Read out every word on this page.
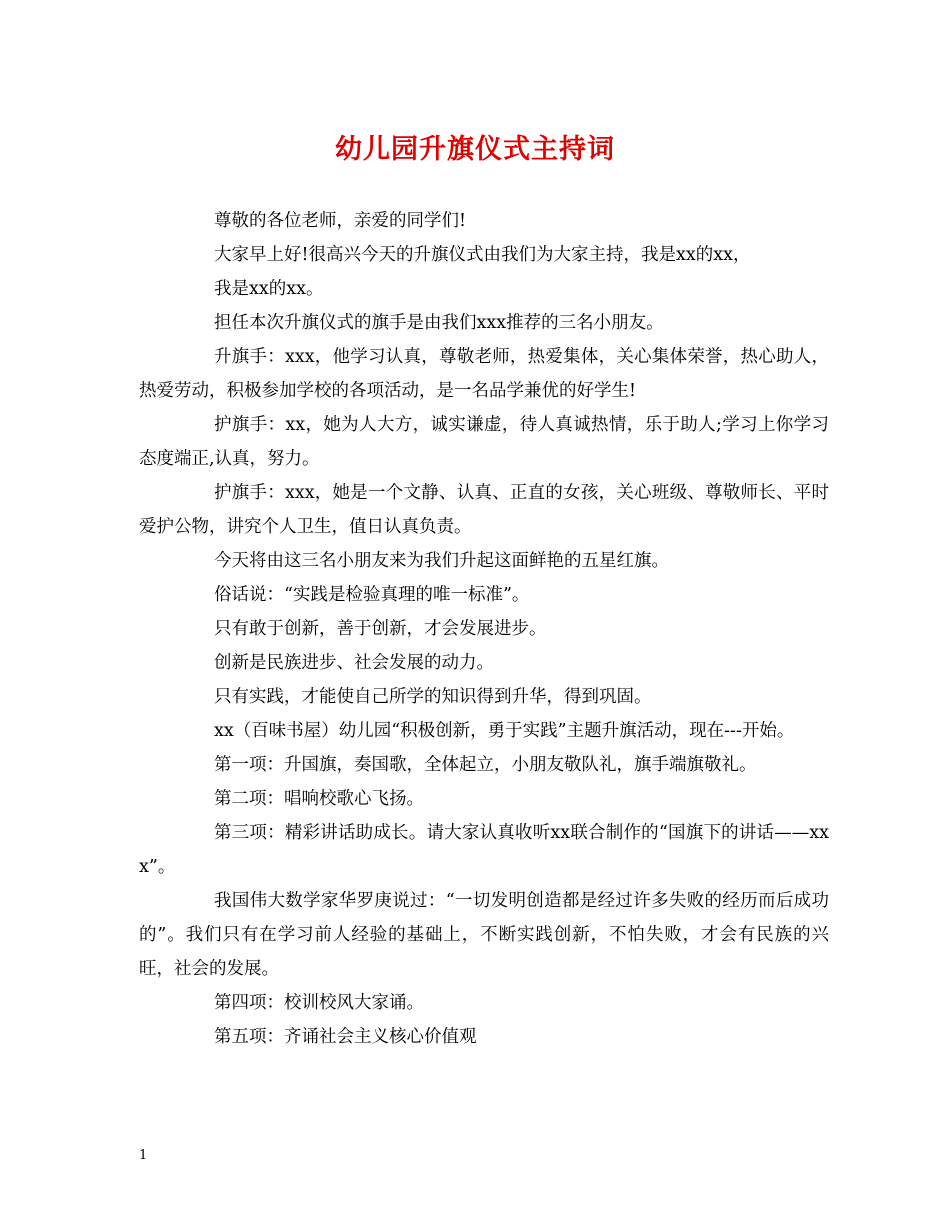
幼儿园升旗仪式主持词

尊敬的各位老师，亲爱的同学们!

大家早上好!很高兴今天的升旗仪式由我们为大家主持，我是xx的xx，

我是xx的xx。

担任本次升旗仪式的旗手是由我们xxx推荐的三名小朋友。

升旗手：xxx，他学习认真，尊敬老师，热爱集体，关心集体荣誉，热心助人，热爱劳动，积极参加学校的各项活动，是一名品学兼优的好学生!

护旗手：xx，她为人大方，诚实谦虚，待人真诚热情，乐于助人;学习上你学习态度端正,认真，努力。

护旗手：xxx，她是一个文静、认真、正直的女孩，关心班级、尊敬师长、平时爱护公物，讲究个人卫生，值日认真负责。

今天将由这三名小朋友来为我们升起这面鲜艳的五星红旗。

俗话说：“实践是检验真理的唯一标准”。

只有敢于创新，善于创新，才会发展进步。

创新是民族进步、社会发展的动力。

只有实践，才能使自己所学的知识得到升华，得到巩固。

xx（百味书屋）幼儿园“积极创新，勇于实践”主题升旗活动，现在---开始。

第一项：升国旗，奏国歌，全体起立，小朋友敬队礼，旗手端旗敬礼。

第二项：唱响校歌心飞扬。

第三项：精彩讲话助成长。请大家认真收听xx联合制作的“国旗下的讲话——xxx”。

我国伟大数学家华罗庚说过：“一切发明创造都是经过许多失败的经历而后成功的”。我们只有在学习前人经验的基础上，不断实践创新，不怕失败，才会有民族的兴旺，社会的发展。

第四项：校训校风大家诵。

第五项：齐诵社会主义核心价值观

1
